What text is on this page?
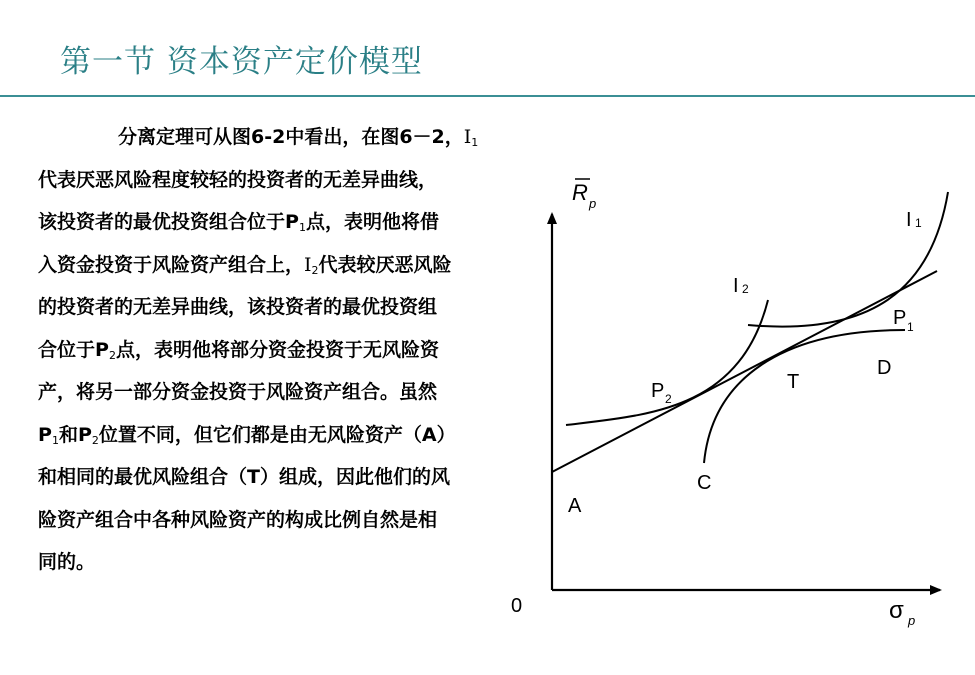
第一节 资本资产定价模型
分离定理可从图6-2中看出，在图6－2，$I_1$
代表厌恶风险程度较轻的投资者的无差异曲线，
该投资者的最优投资组合位于$P_1$点，表明他将借
入资金投资于风险资产组合上，$I_2$代表较厌恶风险
的投资者的无差异曲线，该投资者的最优投资组
合位于$P_2$点，表明他将部分资金投资于无风险资
产，将另一部分资金投资于风险资产组合。虽然
$P_1$和$P_2$位置不同，但它们都是由无风险资产（A）
和相同的最优风险组合（T）组成，因此他们的风
险资产组合中各种风险资产的构成比例自然是相
同的。
R p
σ p
0
I 1
I 2
P 1
P 2
T
D
C
A
